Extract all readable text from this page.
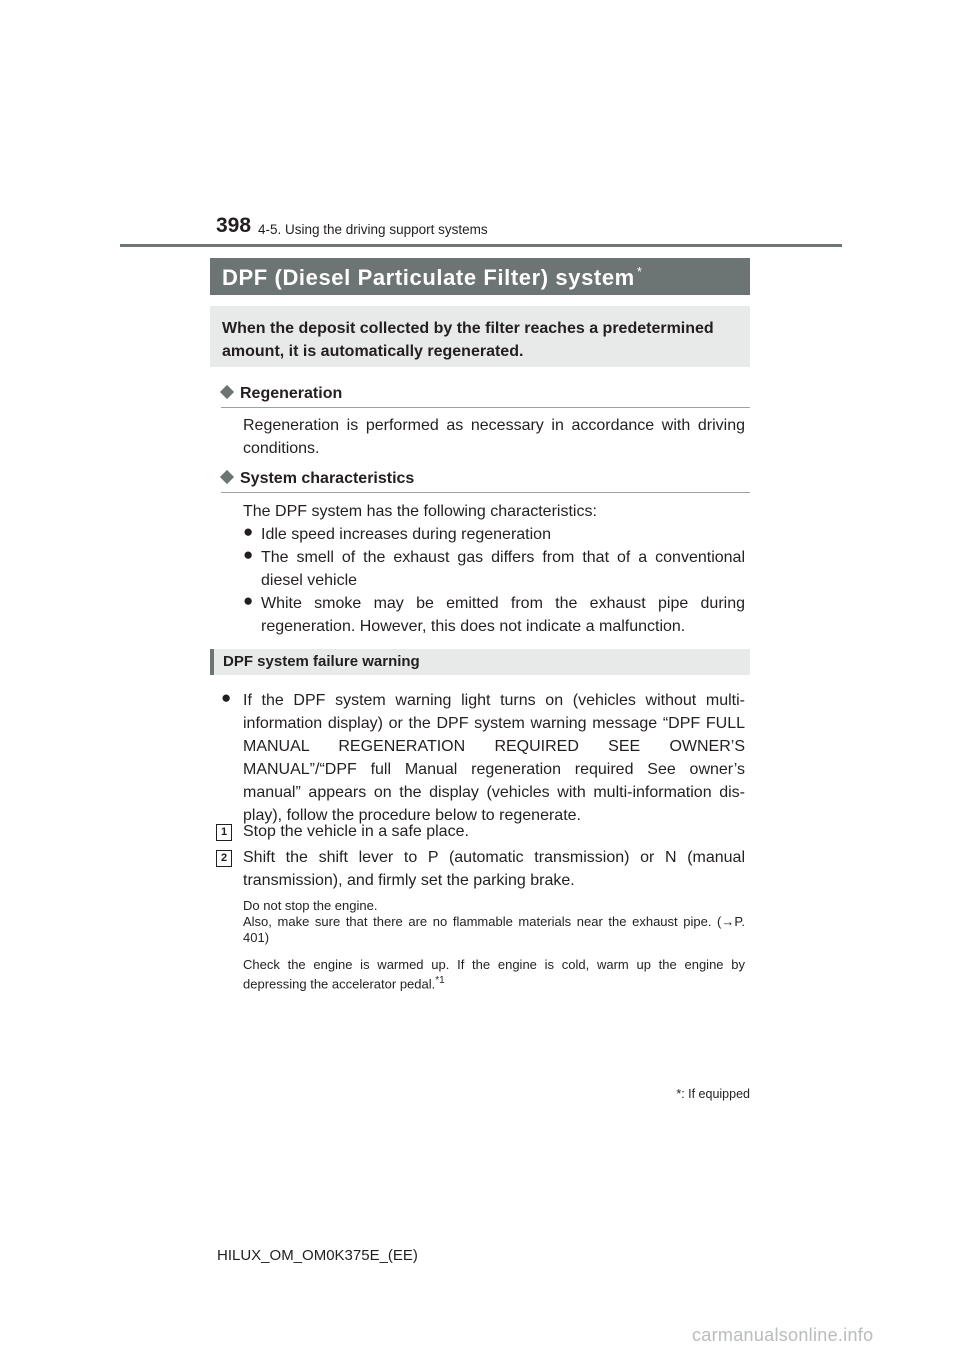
398 4-5. Using the driving support systems
DPF (Diesel Particulate Filter) system *
When the deposit collected by the filter reaches a predetermined amount, it is automatically regenerated.
Regeneration
Regeneration is performed as necessary in accordance with driving conditions.
System characteristics
The DPF system has the following characteristics:
● Idle speed increases during regeneration
● The smell of the exhaust gas differs from that of a conventional diesel vehicle
● White smoke may be emitted from the exhaust pipe during regeneration. However, this does not indicate a malfunction.
DPF system failure warning
● If the DPF system warning light turns on (vehicles without multi-information display) or the DPF system warning message “DPF FULL MANUAL REGENERATION REQUIRED SEE OWNER’S MANUAL”/“DPF full Manual regeneration required See owner’s manual” appears on the display (vehicles with multi-information dis-play), follow the procedure below to regenerate.
1 Stop the vehicle in a safe place.
2 Shift the shift lever to P (automatic transmission) or N (manual transmission), and firmly set the parking brake.
Do not stop the engine.
Also, make sure that there are no flammable materials near the exhaust pipe. (→P. 401)
Check the engine is warmed up. If the engine is cold, warm up the engine by depressing the accelerator pedal.$^{*1}$
*: If equipped
HILUX_OM_OM0K375E_(EE)
carmanualsonline.info
